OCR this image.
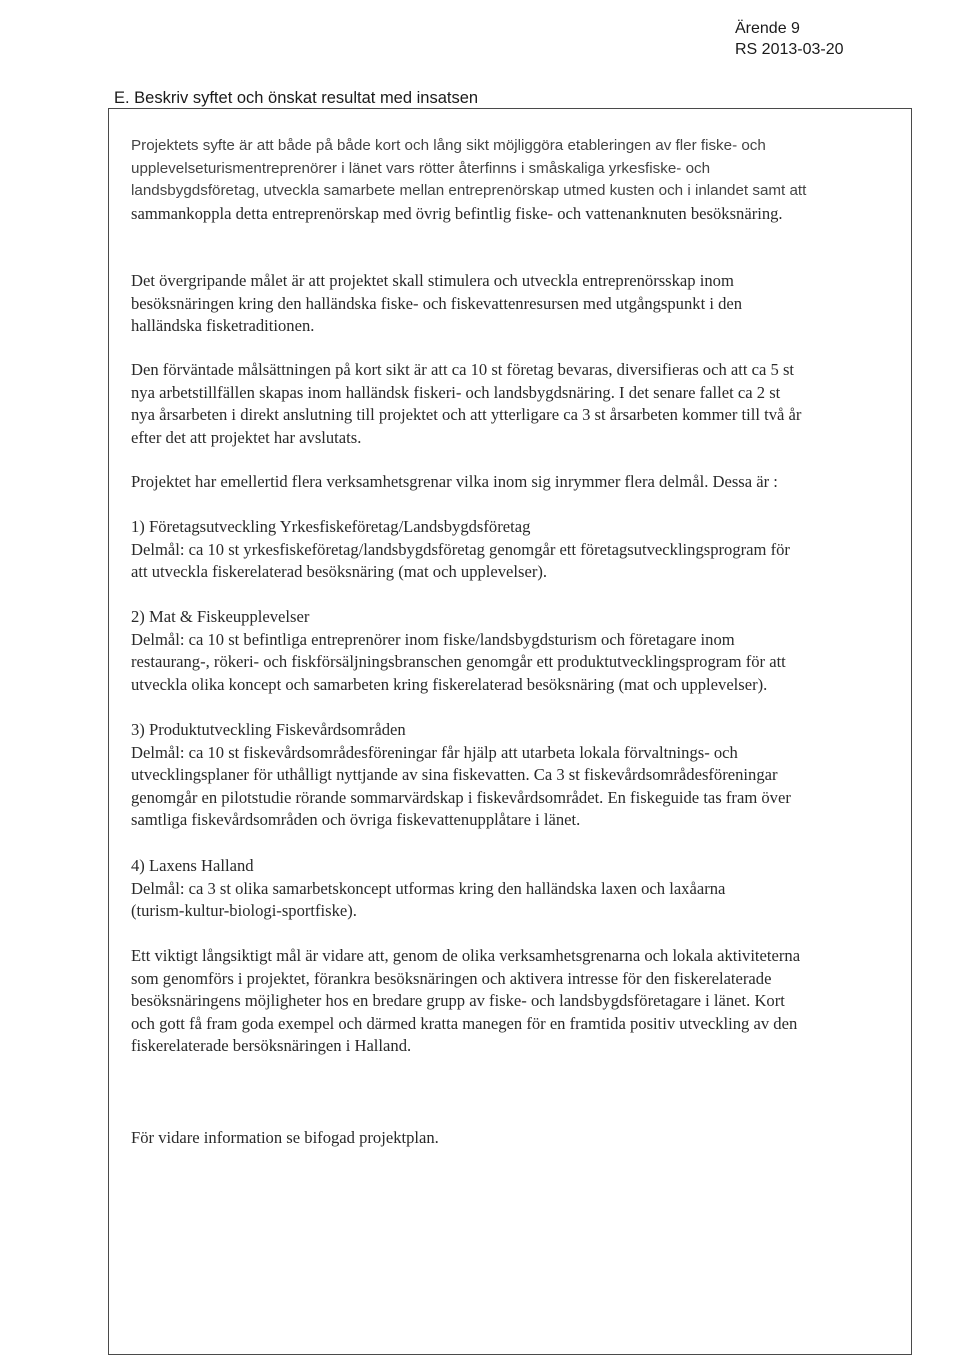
Ärende 9
RS 2013-03-20
E. Beskriv syftet och önskat resultat med insatsen
Projektets syfte är att både på både kort och lång sikt möjliggöra etableringen av fler fiske- och
upplevelseturismentreprenörer i länet vars rötter återfinns i småskaliga yrkesfiske- och
landsbygdsföretag, utveckla samarbete mellan entreprenörskap utmed kusten och i inlandet samt att
sammankoppla detta entreprenörskap med övrig befintlig fiske- och vattenanknuten besöksnäring.
Det övergripande målet är att projektet skall stimulera och utveckla entreprenörsskap inom
besöksnäringen kring den halländska fiske- och fiskevattenresursen med utgångspunkt i den
halländska fisketraditionen.
Den förväntade målsättningen på kort sikt är att ca 10 st företag bevaras, diversifieras och att ca 5 st
nya arbetstillfällen skapas inom halländsk fiskeri- och landsbygdsnäring. I det senare fallet ca 2 st
nya årsarbeten i direkt anslutning till projektet och att ytterligare ca 3 st årsarbeten kommer till två år
efter det att projektet har avslutats.
Projektet har emellertid flera verksamhetsgrenar vilka inom sig inrymmer flera delmål. Dessa är :
1) Företagsutveckling Yrkesfiskeföretag/Landsbygdsföretag
Delmål: ca 10 st yrkesfiskeföretag/landsbygdsföretag genomgår ett företagsutvecklingsprogram för
att utveckla fiskerelaterad besöksnäring (mat och upplevelser).
2) Mat & Fiskeupplevelser
Delmål: ca 10 st befintliga entreprenörer inom fiske/landsbygdsturism och företagare inom
restaurang-, rökeri- och fiskförsäljningsbranschen genomgår ett produktutvecklingsprogram för att
utveckla olika koncept och samarbeten kring fiskerelaterad besöksnäring (mat och upplevelser).
3) Produktutveckling Fiskevårdsområden
Delmål: ca 10 st fiskevårdsområdesföreningar får hjälp att utarbeta lokala förvaltnings- och
utvecklingsplaner för uthålligt nyttjande av sina fiskevatten. Ca 3 st fiskevårdsområdesföreningar
genomgår en pilotstudie rörande sommarvärdskap i fiskevårdsområdet. En fiskeguide tas fram över
samtliga fiskevårdsområden och övriga fiskevattenupplåtare i länet.
4) Laxens Halland
Delmål: ca 3 st olika samarbetskoncept utformas kring den halländska laxen och laxåarna
(turism-kultur-biologi-sportfiske).
Ett viktigt långsiktigt mål är vidare att, genom de olika verksamhetsgrenarna och lokala aktiviteterna
som genomförs i projektet, förankra besöksnäringen och aktivera intresse för den fiskerelaterade
besöksnäringens möjligheter hos en bredare grupp av fiske- och landsbygdsföretagare i länet. Kort
och gott få fram goda exempel och därmed kratta manegen för en framtida positiv utveckling av den
fiskerelaterade bersöksnäringen i Halland.
För vidare information se bifogad projektplan.
